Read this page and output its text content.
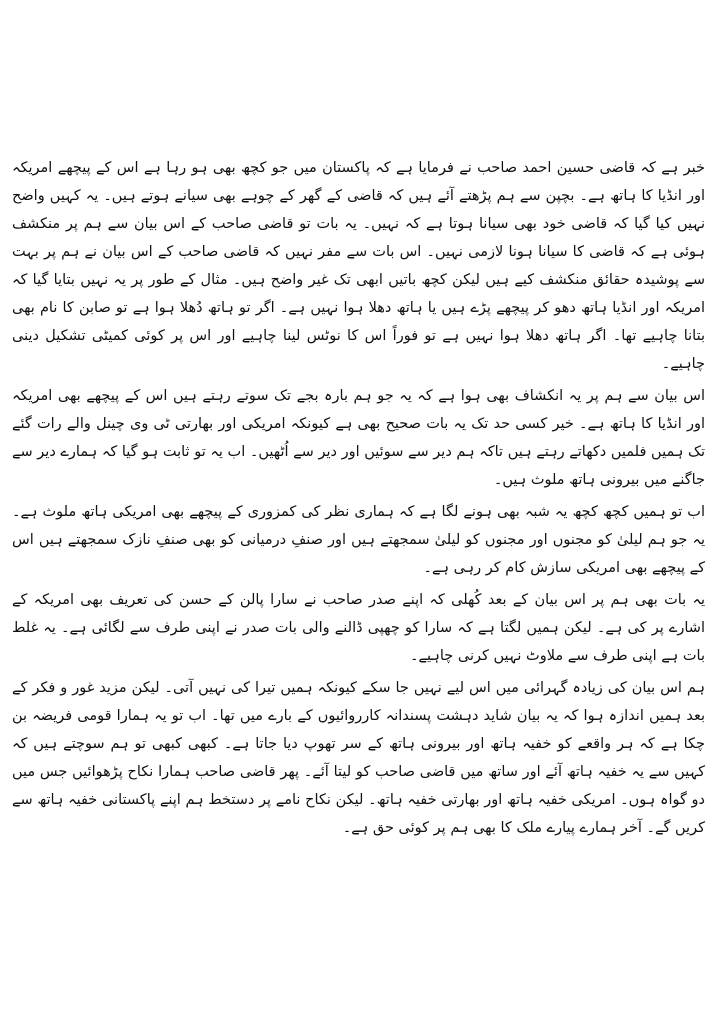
خبر ہے کہ قاضی حسین احمد صاحب نے فرمایا ہے کہ پاکستان میں جو کچھ بھی ہو رہا ہے اس کے پیچھے امریکہ اور انڈیا کا ہاتھ ہے۔ بچپن سے ہم پڑھتے آئے ہیں کہ قاضی کے گھر کے چوہے بھی سیانے ہوتے ہیں۔ یہ کہیں واضح نہیں کیا گیا کہ قاضی خود بھی سیانا ہوتا ہے کہ نہیں۔ یہ بات تو قاضی صاحب کے اس بیان سے ہم پر منکشف ہوئی ہے کہ قاضی کا سیانا ہونا لازمی نہیں۔ اس بات سے مفر نہیں کہ قاضی صاحب کے اس بیان نے ہم پر بہت سے پوشیدہ حقائق منکشف کیے ہیں لیکن کچھ باتیں ابھی تک غیر واضح ہیں۔ مثال کے طور پر یہ نہیں بتایا گیا کہ امریکہ اور انڈیا ہاتھ دھو کر پیچھے پڑے ہیں یا ہاتھ دھلا ہوا نہیں ہے۔ اگر تو ہاتھ دُھلا ہوا ہے تو صابن کا نام بھی بتانا چاہیے تھا۔ اگر ہاتھ دھلا ہوا نہیں ہے تو فوراً اس کا نوٹس لینا چاہیے اور اس پر کوئی کمیٹی تشکیل دینی چاہیے۔

اس بیان سے ہم پر یہ انکشاف بھی ہوا ہے کہ یہ جو ہم بارہ بجے تک سوتے رہتے ہیں اس کے پیچھے بھی امریکہ اور انڈیا کا ہاتھ ہے۔ خیر کسی حد تک یہ بات صحیح بھی ہے کیونکہ امریکی اور بھارتی ٹی وی چینل والے رات گئے تک ہمیں فلمیں دکھاتے رہتے ہیں تاکہ ہم دیر سے سوئیں اور دیر سے اُٹھیں۔ اب یہ تو ثابت ہو گیا کہ ہمارے دیر سے جاگنے میں بیرونی ہاتھ ملوث ہیں۔

اب تو ہمیں کچھ کچھ یہ شبہ بھی ہونے لگا ہے کہ ہماری نظر کی کمزوری کے پیچھے بھی امریکی ہاتھ ملوث ہے۔ یہ جو ہم لیلیٰ کو مجنوں اور مجنوں کو لیلیٰ سمجھتے ہیں اور صنفِ درمیانی کو بھی صنفِ نازک سمجھتے ہیں اس کے پیچھے بھی امریکی سازش کام کر رہی ہے۔

یہ بات بھی ہم پر اس بیان کے بعد کُھلی کہ اپنے صدر صاحب نے سارا پالن کے حسن کی تعریف بھی امریکہ کے اشارے پر کی ہے۔ لیکن ہمیں لگتا ہے کہ سارا کو چھپی ڈالنے والی بات صدر نے اپنی طرف سے لگائی ہے۔ یہ غلط بات ہے اپنی طرف سے ملاوٹ نہیں کرنی چاہیے۔

ہم اس بیان کی زیادہ گہرائی میں اس لیے نہیں جا سکے کیونکہ ہمیں تیرا کی نہیں آتی۔ لیکن مزید غور و فکر کے بعد ہمیں اندازہ ہوا کہ یہ بیان شاید دہشت پسندانہ کارروائیوں کے بارے میں تھا۔ اب تو یہ ہمارا قومی فریضہ بن چکا ہے کہ ہر واقعے کو خفیہ ہاتھ اور بیرونی ہاتھ کے سر تھوپ دیا جاتا ہے۔ کبھی کبھی تو ہم سوچتے ہیں کہ کہیں سے یہ خفیہ ہاتھ آئے اور ساتھ میں قاضی صاحب کو لیتا آئے۔ پھر قاضی صاحب ہمارا نکاح پڑھوائیں جس میں دو گواہ ہوں۔ امریکی خفیہ ہاتھ اور بھارتی خفیہ ہاتھ۔ لیکن نکاح نامے پر دستخط ہم اپنے پاکستانی خفیہ ہاتھ سے کریں گے۔ آخر ہمارے پیارے ملک کا بھی ہم پر کوئی حق ہے۔
